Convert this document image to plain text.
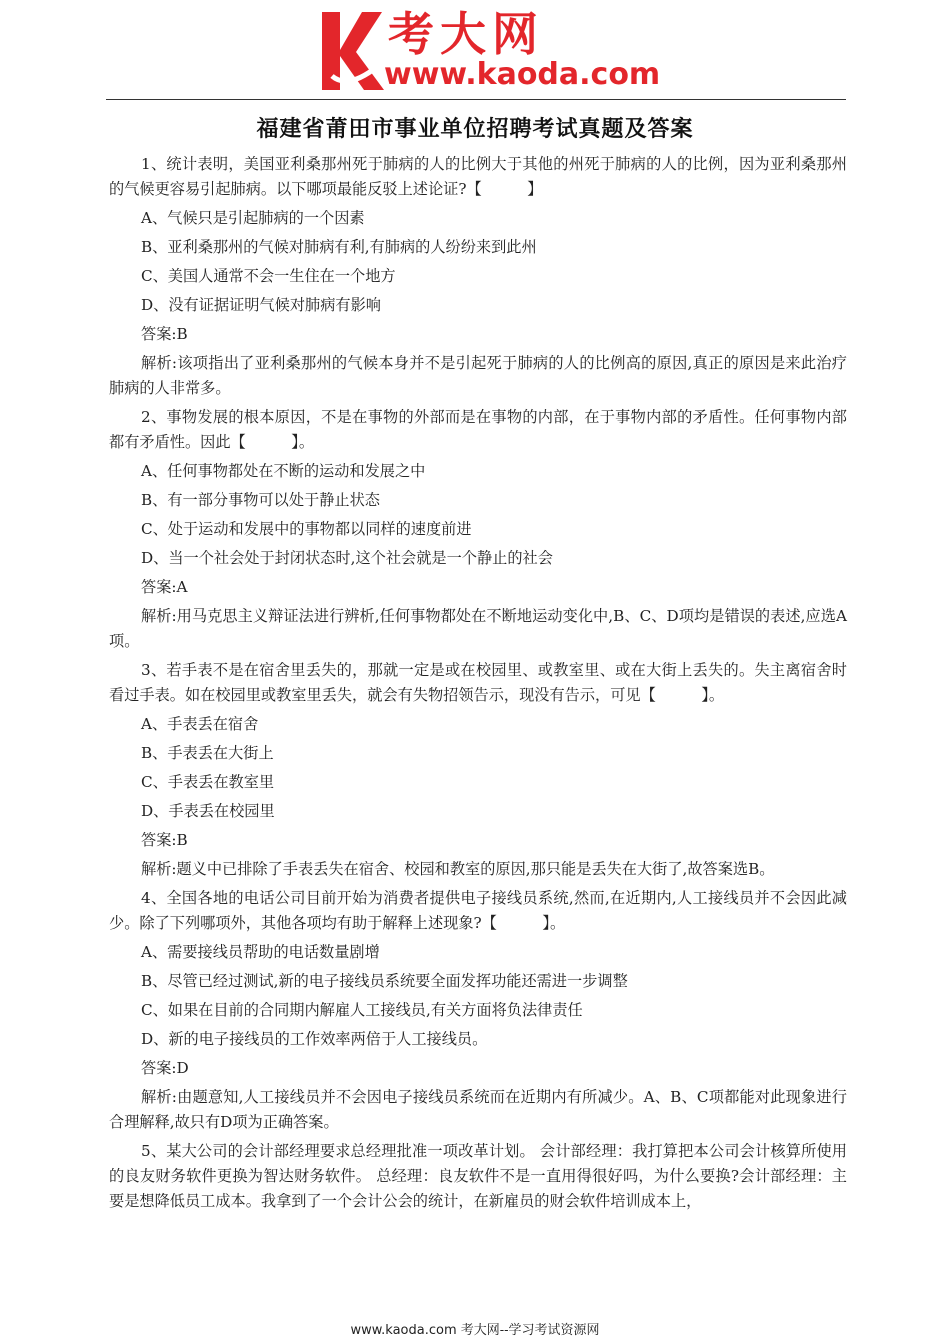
考大网
www.kaoda.com
福建省莆田市事业单位招聘考试真题及答案

1、统计表明，美国亚利桑那州死于肺病的人的比例大于其他的州死于肺病的人的比例，因为亚利桑那州的气候更容易引起肺病。以下哪项最能反驳上述论证?【　　　】

A、气候只是引起肺病的一个因素

B、亚利桑那州的气候对肺病有利,有肺病的人纷纷来到此州

C、美国人通常不会一生住在一个地方

D、没有证据证明气候对肺病有影响

答案:B

解析:该项指出了亚利桑那州的气候本身并不是引起死于肺病的人的比例高的原因,真正的原因是来此治疗肺病的人非常多。

2、事物发展的根本原因，不是在事物的外部而是在事物的内部，在于事物内部的矛盾性。任何事物内部都有矛盾性。因此【　　　】。

A、任何事物都处在不断的运动和发展之中

B、有一部分事物可以处于静止状态

C、处于运动和发展中的事物都以同样的速度前进

D、当一个社会处于封闭状态时,这个社会就是一个静止的社会

答案:A

解析:用马克思主义辩证法进行辨析,任何事物都处在不断地运动变化中,B、C、D项均是错误的表述,应选A项。

3、若手表不是在宿舍里丢失的，那就一定是或在校园里、或教室里、或在大街上丢失的。失主离宿舍时看过手表。如在校园里或教室里丢失，就会有失物招领告示，现没有告示，可见【　　　】。

A、手表丢在宿舍

B、手表丢在大街上

C、手表丢在教室里

D、手表丢在校园里

答案:B

解析:题义中已排除了手表丢失在宿舍、校园和教室的原因,那只能是丢失在大街了,故答案选B。

4、全国各地的电话公司目前开始为消费者提供电子接线员系统,然而,在近期内,人工接线员并不会因此减少。除了下列哪项外，其他各项均有助于解释上述现象?【　　　】。

A、需要接线员帮助的电话数量剧增

B、尽管已经过测试,新的电子接线员系统要全面发挥功能还需进一步调整

C、如果在目前的合同期内解雇人工接线员,有关方面将负法律责任

D、新的电子接线员的工作效率两倍于人工接线员。

答案:D

解析:由题意知,人工接线员并不会因电子接线员系统而在近期内有所减少。A、B、C项都能对此现象进行合理解释,故只有D项为正确答案。

5、某大公司的会计部经理要求总经理批准一项改革计划。 会计部经理：我打算把本公司会计核算所使用的良友财务软件更换为智达财务软件。 总经理：良友软件不是一直用得很好吗，为什么要换?会计部经理：主要是想降低员工成本。我拿到了一个会计公会的统计，在新雇员的财会软件培训成本上，

www.kaoda.com 考大网--学习考试资源网
